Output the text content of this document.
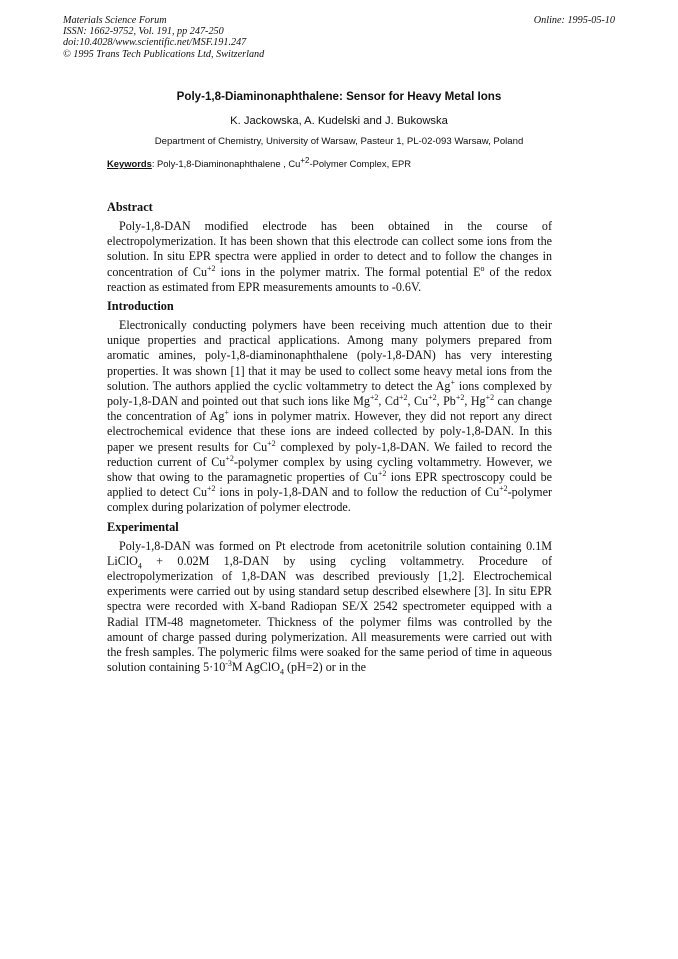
Materials Science Forum
ISSN: 1662-9752, Vol. 191, pp 247-250
doi:10.4028/www.scientific.net/MSF.191.247
© 1995 Trans Tech Publications Ltd, Switzerland
Online: 1995-05-10
Poly-1,8-Diaminonaphthalene: Sensor for Heavy Metal Ions
K. Jackowska, A. Kudelski and J. Bukowska
Department of Chemistry, University of Warsaw, Pasteur 1, PL-02-093 Warsaw, Poland
Keywords: Poly-1,8-Diaminonaphthalene , $Cu^{+2}$-Polymer Complex, EPR
Abstract

Poly-1,8-DAN modified electrode has been obtained in the course of electropolymerization. It has been shown that this electrode can collect some ions from the solution. In situ EPR spectra were applied in order to detect and to follow the changes in concentration of $Cu^{+2}$ ions in the polymer matrix. The formal potential $E^o$ of the redox reaction as estimated from EPR measurements amounts to -0.6V.

Introduction

Electronically conducting polymers have been receiving much attention due to their unique properties and practical applications. Among many polymers prepared from aromatic amines, poly-1,8-diaminonaphthalene (poly-1,8-DAN) has very interesting properties. It was shown [1] that it may be used to collect some heavy metal ions from the solution. The authors applied the cyclic voltammetry to detect the Ag+ ions complexed by poly-1,8-DAN and pointed out that such ions like $Mg^{+2}$, $Cd^{+2}$, $Cu^{+2}$, $Pb^{+2}$, $Hg^{+2}$ can change the concentration of Ag+ ions in polymer matrix. However, they did not report any direct electrochemical evidence that these ions are indeed collected by poly-1,8-DAN. In this paper we present results for $Cu^{+2}$ complexed by poly-1,8-DAN. We failed to record the reduction current of $Cu^{+2}$-polymer complex by using cycling voltammetry. However, we show that owing to the paramagnetic properties of $Cu^{+2}$ ions EPR spectroscopy could be applied to detect $Cu^{+2}$ ions in poly-1,8-DAN and to follow the reduction of $Cu^{+2}$-polymer complex during polarization of polymer electrode.

Experimental

Poly-1,8-DAN was formed on Pt electrode from acetonitrile solution containing 0.1M LiClO$_4$ + 0.02M 1,8-DAN by using cycling voltammetry. Procedure of electropolymerization of 1,8-DAN was described previously [1,2]. Electrochemical experiments were carried out by using standard setup described elsewhere [3]. In situ EPR spectra were recorded with X-band Radiopan SE/X 2542 spectrometer equipped with a Radial ITM-48 magnetometer. Thickness of the polymer films was controlled by the amount of charge passed during polymerization. All measurements were carried out with the fresh samples. The polymeric films were soaked for the same period of time in aqueous solution containing $5\cdot 10^{-3}M$ AgClO$_4$ (pH=2) or in the
